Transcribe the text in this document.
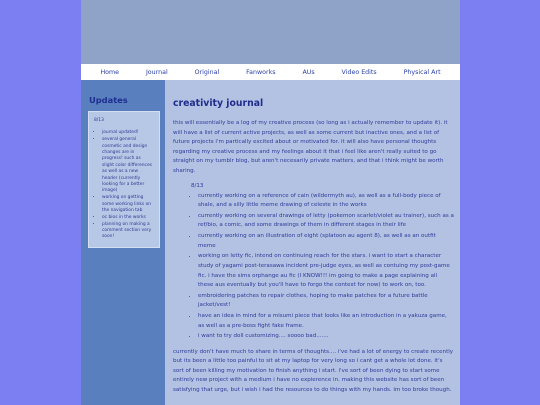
Home	Journal	Original	Fanworks	AUs	Video Edits	Physical Art
Updates
8/13
• journal updated!
• several general cosmetic and design changes are in progress! such as slight color differences as well as a new header (currently looking for a better image)
• working on getting some working links on the navigation tab
• oc bios in the works
• planning on making a comment section very soon!
creativity journal

this will essentially be a log of my creative process (so long as i actually remember to update it). it will have a list of current active projects, as well as some current but inactive ones, and a list of future projects i'm partically excited about or motivated for. it will also have personal thoughts regarding my creative process and my feelings about it that i feel like aren't really suited to go straight on my tumblr blog, but aren't necesarily private matters, and that i think might be worth sharing.

8/13
• currently working on a reference of cain (wildermyth au), as well as a full-body piece of shale, and a silly little meme drawing of celeste in the works
• currently working on several drawings of letty (pokemon scarlet/violet au trainer), such as a ref/bio, a comic, and some drawings of them in different stages in their life
• currently working on an illustration of eight (splatoon au agent 8), as well as an outfit meme
• working on letty fic, intend on continuing reach for the stars. i want to start a character study of yagami post-terasawa incident pre-judge eyes, as well as contuing my post-game fic. i have the sims orphange au fic (I KNOW!!! im going to make a page explaining all these aus eventually but you'll have to forgo the context for now) to work on, too.
• embroidering patches to repair clothes, hoping to make patches for a future battle jacket/vest!
• have an idea in mind for a misumi piece that looks like an introduction in a yakuza game, as well as a pre-boss fight fake frame.
• i want to try doll customizing.... soooo bad.......

currently don't have much to share in terms of thoughts.... i've had a lot of energy to create recently but its been a little too painful to sit at my laptop for very long so i cant get a whole lot done. it's sort of been killing my motivation to finish anything i start. i've sort of been dying to start some entirely new project with a medium i have no expierence in. making this website has sort of been satisfying that urge, but i wish i had the resources to do things with my hands. im too broke though.
